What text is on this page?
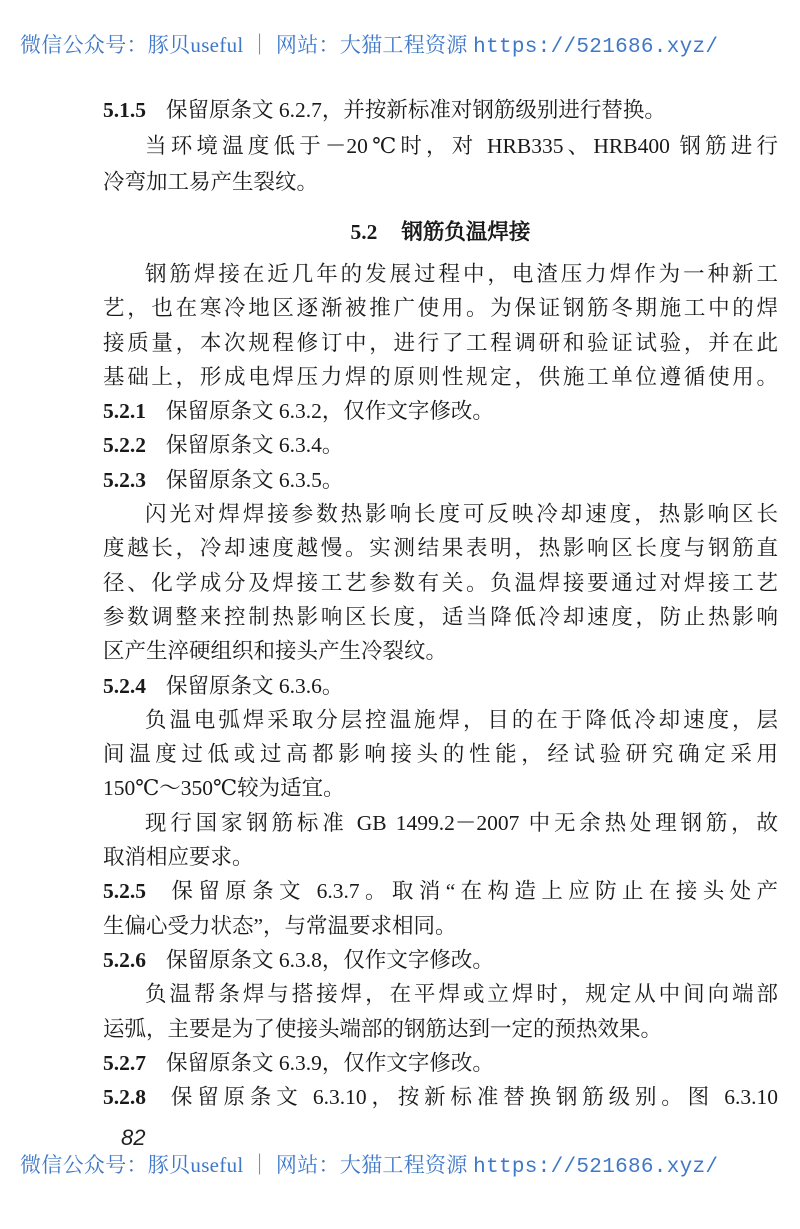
微信公众号：豚贝useful ｜ 网站：大猫工程资源 https://521686.xyz/
5.1.5 保留原条文 6.2.7，并按新标准对钢筋级别进行替换。
当环境温度低于－20℃时，对 HRB335、HRB400 钢筋进行
冷弯加工易产生裂纹。
5.2 钢筋负温焊接
钢筋焊接在近几年的发展过程中，电渣压力焊作为一种新工
艺，也在寒冷地区逐渐被推广使用。为保证钢筋冬期施工中的焊
接质量，本次规程修订中，进行了工程调研和验证试验，并在此
基础上，形成电焊压力焊的原则性规定，供施工单位遵循使用。
5.2.1 保留原条文 6.3.2，仅作文字修改。
5.2.2 保留原条文 6.3.4。
5.2.3 保留原条文 6.3.5。
闪光对焊焊接参数热影响长度可反映冷却速度，热影响区长
度越长，冷却速度越慢。实测结果表明，热影响区长度与钢筋直
径、化学成分及焊接工艺参数有关。负温焊接要通过对焊接工艺
参数调整来控制热影响区长度，适当降低冷却速度，防止热影响
区产生淬硬组织和接头产生冷裂纹。
5.2.4 保留原条文 6.3.6。
负温电弧焊采取分层控温施焊，目的在于降低冷却速度，层
间温度过低或过高都影响接头的性能，经试验研究确定采用
150℃～350℃较为适宜。
现行国家钢筋标准 GB 1499.2－2007 中无余热处理钢筋，故
取消相应要求。
5.2.5 保留原条文 6.3.7。取消“在构造上应防止在接头处产
生偏心受力状态”，与常温要求相同。
5.2.6 保留原条文 6.3.8，仅作文字修改。
负温帮条焊与搭接焊，在平焊或立焊时，规定从中间向端部
运弧，主要是为了使接头端部的钢筋达到一定的预热效果。
5.2.7 保留原条文 6.3.9，仅作文字修改。
5.2.8 保留原条文 6.3.10，按新标准替换钢筋级别。图 6.3.10
82
微信公众号：豚贝useful ｜ 网站：大猫工程资源 https://521686.xyz/
